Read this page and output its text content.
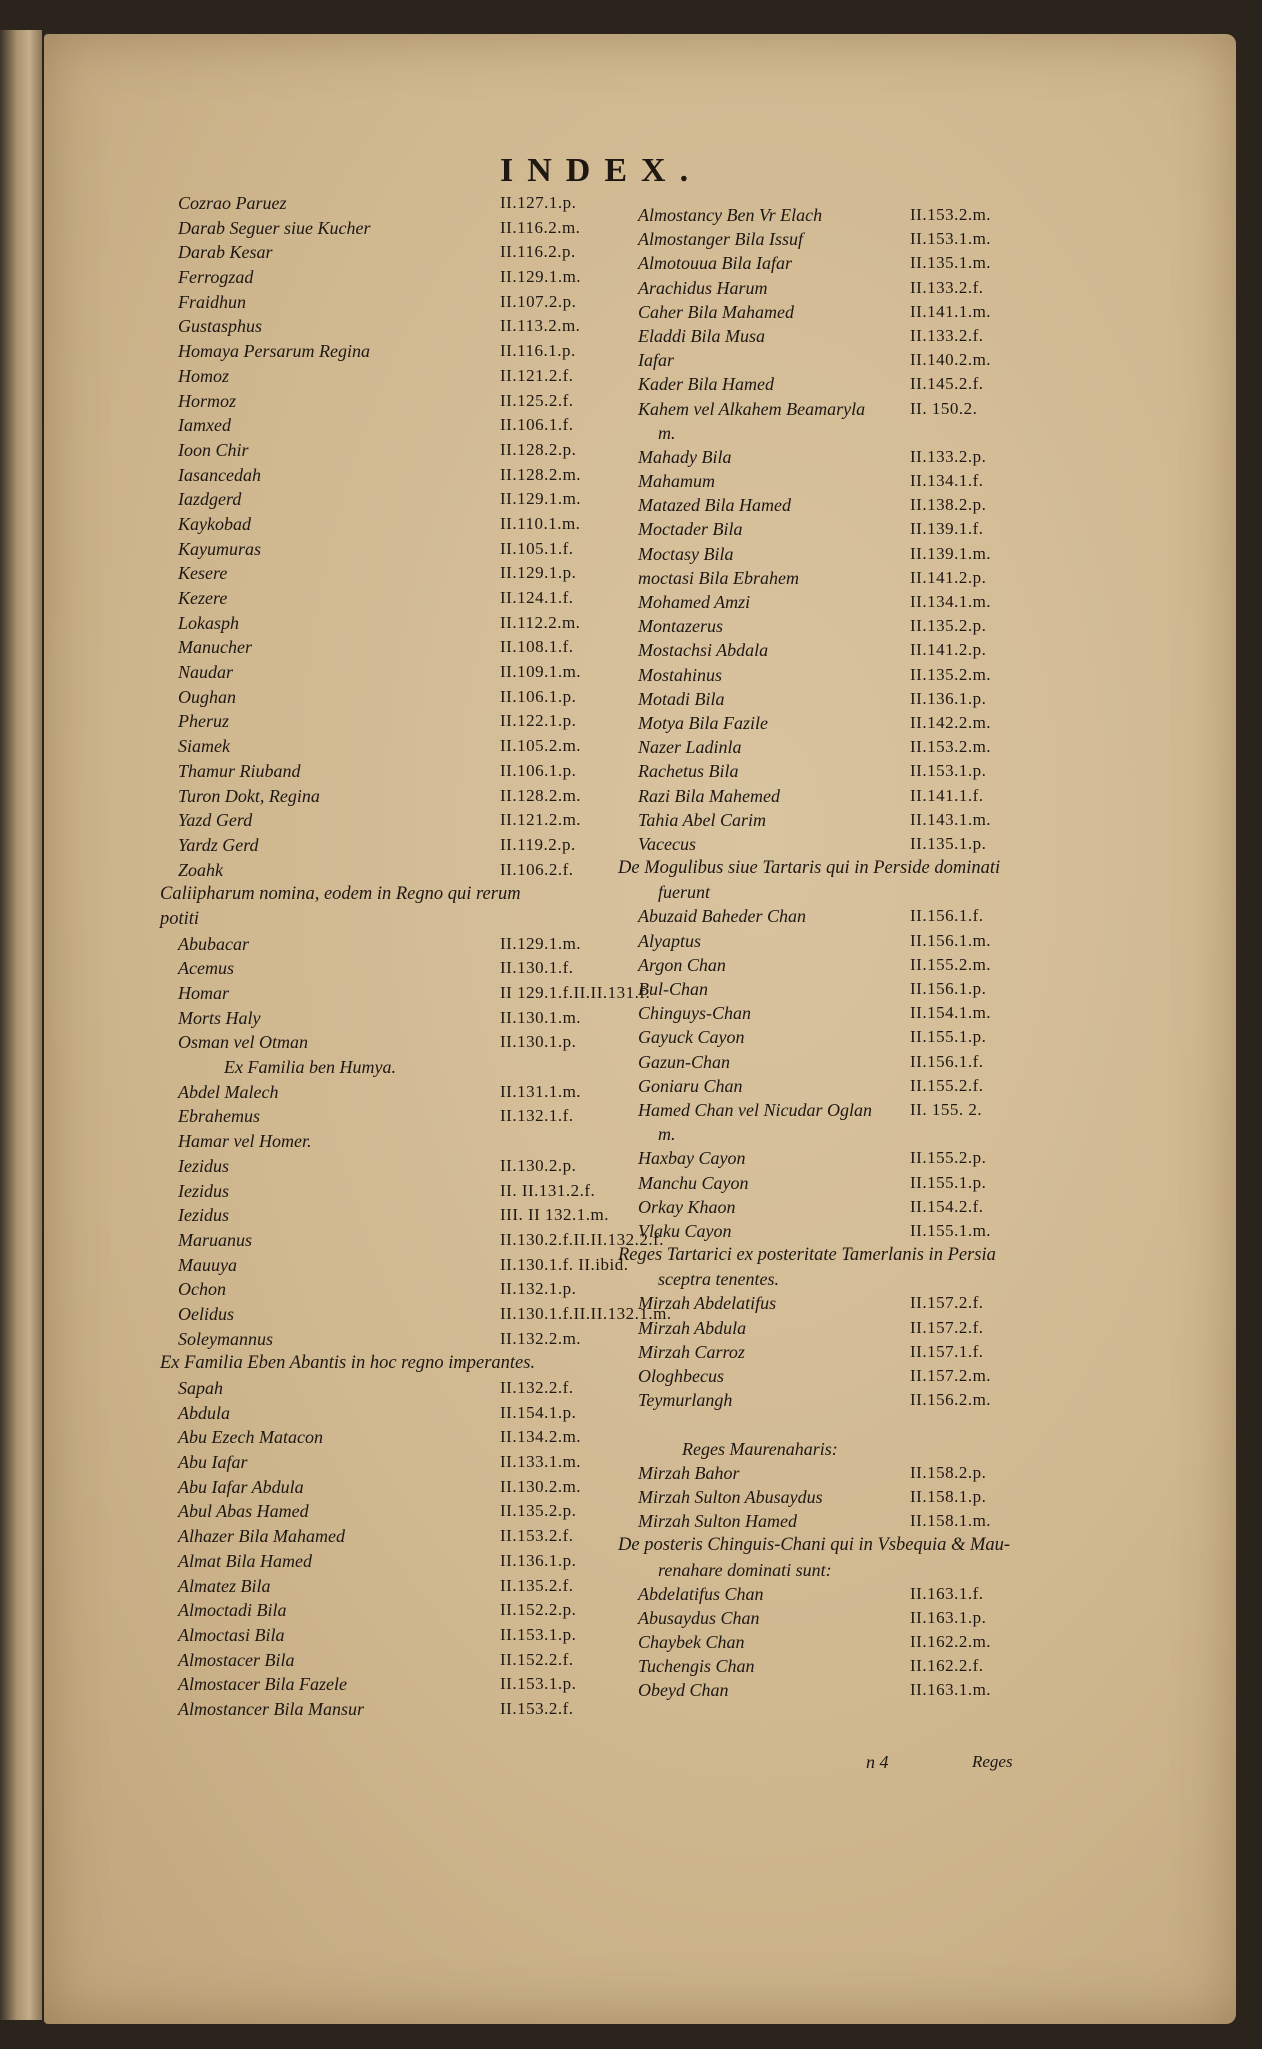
INDEX.
Cozrao Paruez	II.127.1.p.
Darab Seguer siue Kucher	II.116.2.m.
Darab Kesar	II.116.2.p.
Ferrogzad	II.129.1.m.
Fraidhun	II.107.2.p.
Gustasphus	II.113.2.m.
Homaya Persarum Regina	II.116.1.p.
Homoz	II.121.2.f.
Hormoz	II.125.2.f.
Iamxed	II.106.1.f.
Ioon Chir	II.128.2.p.
Iasancedah	II.128.2.m.
Iazdgerd	II.129.1.m.
Kaykobad	II.110.1.m.
Kayumuras	II.105.1.f.
Kesere	II.129.1.p.
Kezere	II.124.1.f.
Lokasph	II.112.2.m.
Manucher	II.108.1.f.
Naudar	II.109.1.m.
Oughan	II.106.1.p.
Pheruz	II.122.1.p.
Siamek	II.105.2.m.
Thamur Riuband	II.106.1.p.
Turon Dokt, Regina	II.128.2.m.
Yazd Gerd	II.121.2.m.
Yardz Gerd	II.119.2.p.
Zoahk	II.106.2.f.
Caliipharum nomina, eodem in Regno qui rerum
potiti
Abubacar	II.129.1.m.
Acemus	II.130.1.f.
Homar	II 129.1.f.II.II.131.f.
Morts Haly	II.130.1.m.
Osman vel Otman	II.130.1.p.
Ex Familia ben Humya.
Abdel Malech	II.131.1.m.
Ebrahemus	II.132.1.f.
Hamar vel Homer.
Iezidus	II.130.2.p.
Iezidus	II. II.131.2.f.
Iezidus	III. II 132.1.m.
Maruanus	II.130.2.f.II.II.132.2.f.
Mauuya	II.130.1.f. II.ibid.
Ochon	II.132.1.p.
Oelidus	II.130.1.f.II.II.132.1.m.
Soleymannus	II.132.2.m.
Ex Familia Eben Abantis in hoc regno imperantes.
Sapah	II.132.2.f.
Abdula	II.154.1.p.
Abu Ezech Matacon	II.134.2.m.
Abu Iafar	II.133.1.m.
Abu Iafar Abdula	II.130.2.m.
Abul Abas Hamed	II.135.2.p.
Alhazer Bila Mahamed	II.153.2.f.
Almat Bila Hamed	II.136.1.p.
Almatez Bila	II.135.2.f.
Almoctadi Bila	II.152.2.p.
Almoctasi Bila	II.153.1.p.
Almostacer Bila	II.152.2.f.
Almostacer Bila Fazele	II.153.1.p.
Almostancer Bila Mansur	II.153.2.f.
Almostancy Ben Vr Elach	II.153.2.m.
Almostanger Bila Issuf	II.153.1.m.
Almotouua Bila Iafar	II.135.1.m.
Arachidus Harum	II.133.2.f.
Caher Bila Mahamed	II.141.1.m.
Eladdi Bila Musa	II.133.2.f.
Iafar	II.140.2.m.
Kader Bila Hamed	II.145.2.f.
Kahem vel Alkahem Beamaryla	II. 150.2.
m.
Mahady Bila	II.133.2.p.
Mahamum	II.134.1.f.
Matazed Bila Hamed	II.138.2.p.
Moctader Bila	II.139.1.f.
Moctasy Bila	II.139.1.m.
moctasi Bila Ebrahem	II.141.2.p.
Mohamed Amzi	II.134.1.m.
Montazerus	II.135.2.p.
Mostachsi Abdala	II.141.2.p.
Mostahinus	II.135.2.m.
Motadi Bila	II.136.1.p.
Motya Bila Fazile	II.142.2.m.
Nazer Ladinla	II.153.2.m.
Rachetus Bila	II.153.1.p.
Razi Bila Mahemed	II.141.1.f.
Tahia Abel Carim	II.143.1.m.
Vacecus	II.135.1.p.
De Mogulibus siue Tartaris qui in Perside dominati
fuerunt
Abuzaid Baheder Chan	II.156.1.f.
Alyaptus	II.156.1.m.
Argon Chan	II.155.2.m.
Bul-Chan	II.156.1.p.
Chinguys-Chan	II.154.1.m.
Gayuck Cayon	II.155.1.p.
Gazun-Chan	II.156.1.f.
Goniaru Chan	II.155.2.f.
Hamed Chan vel Nicudar Oglan II. 155. 2.
m.
Haxbay Cayon	II.155.2.p.
Manchu Cayon	II.155.1.p.
Orkay Khaon	II.154.2.f.
Vlaku Cayon	II.155.1.m.
Reges Tartarici ex posteritate Tamerlanis in Persia
sceptra tenentes.
Mirzah Abdelatifus	II.157.2.f.
Mirzah Abdula	II.157.2.f.
Mirzah Carroz	II.157.1.f.
Ologhbecus	II.157.2.m.
Teymurlangh	II.156.2.m.
Reges Maurenaharis:
Mirzah Bahor	II.158.2.p.
Mirzah Sulton Abusaydus	II.158.1.p.
Mirzah Sulton Hamed	II.158.1.m.
De posteris Chinguis-Chani qui in Vsbequia & Mau-
renahare dominati sunt:
Abdelatifus Chan	II.163.1.f.
Abusaydus Chan	II.163.1.p.
Chaybek Chan	II.162.2.m.
Tuchengis Chan	II.162.2.f.
Obeyd Chan	II.163.1.m.
n 4	Reges
